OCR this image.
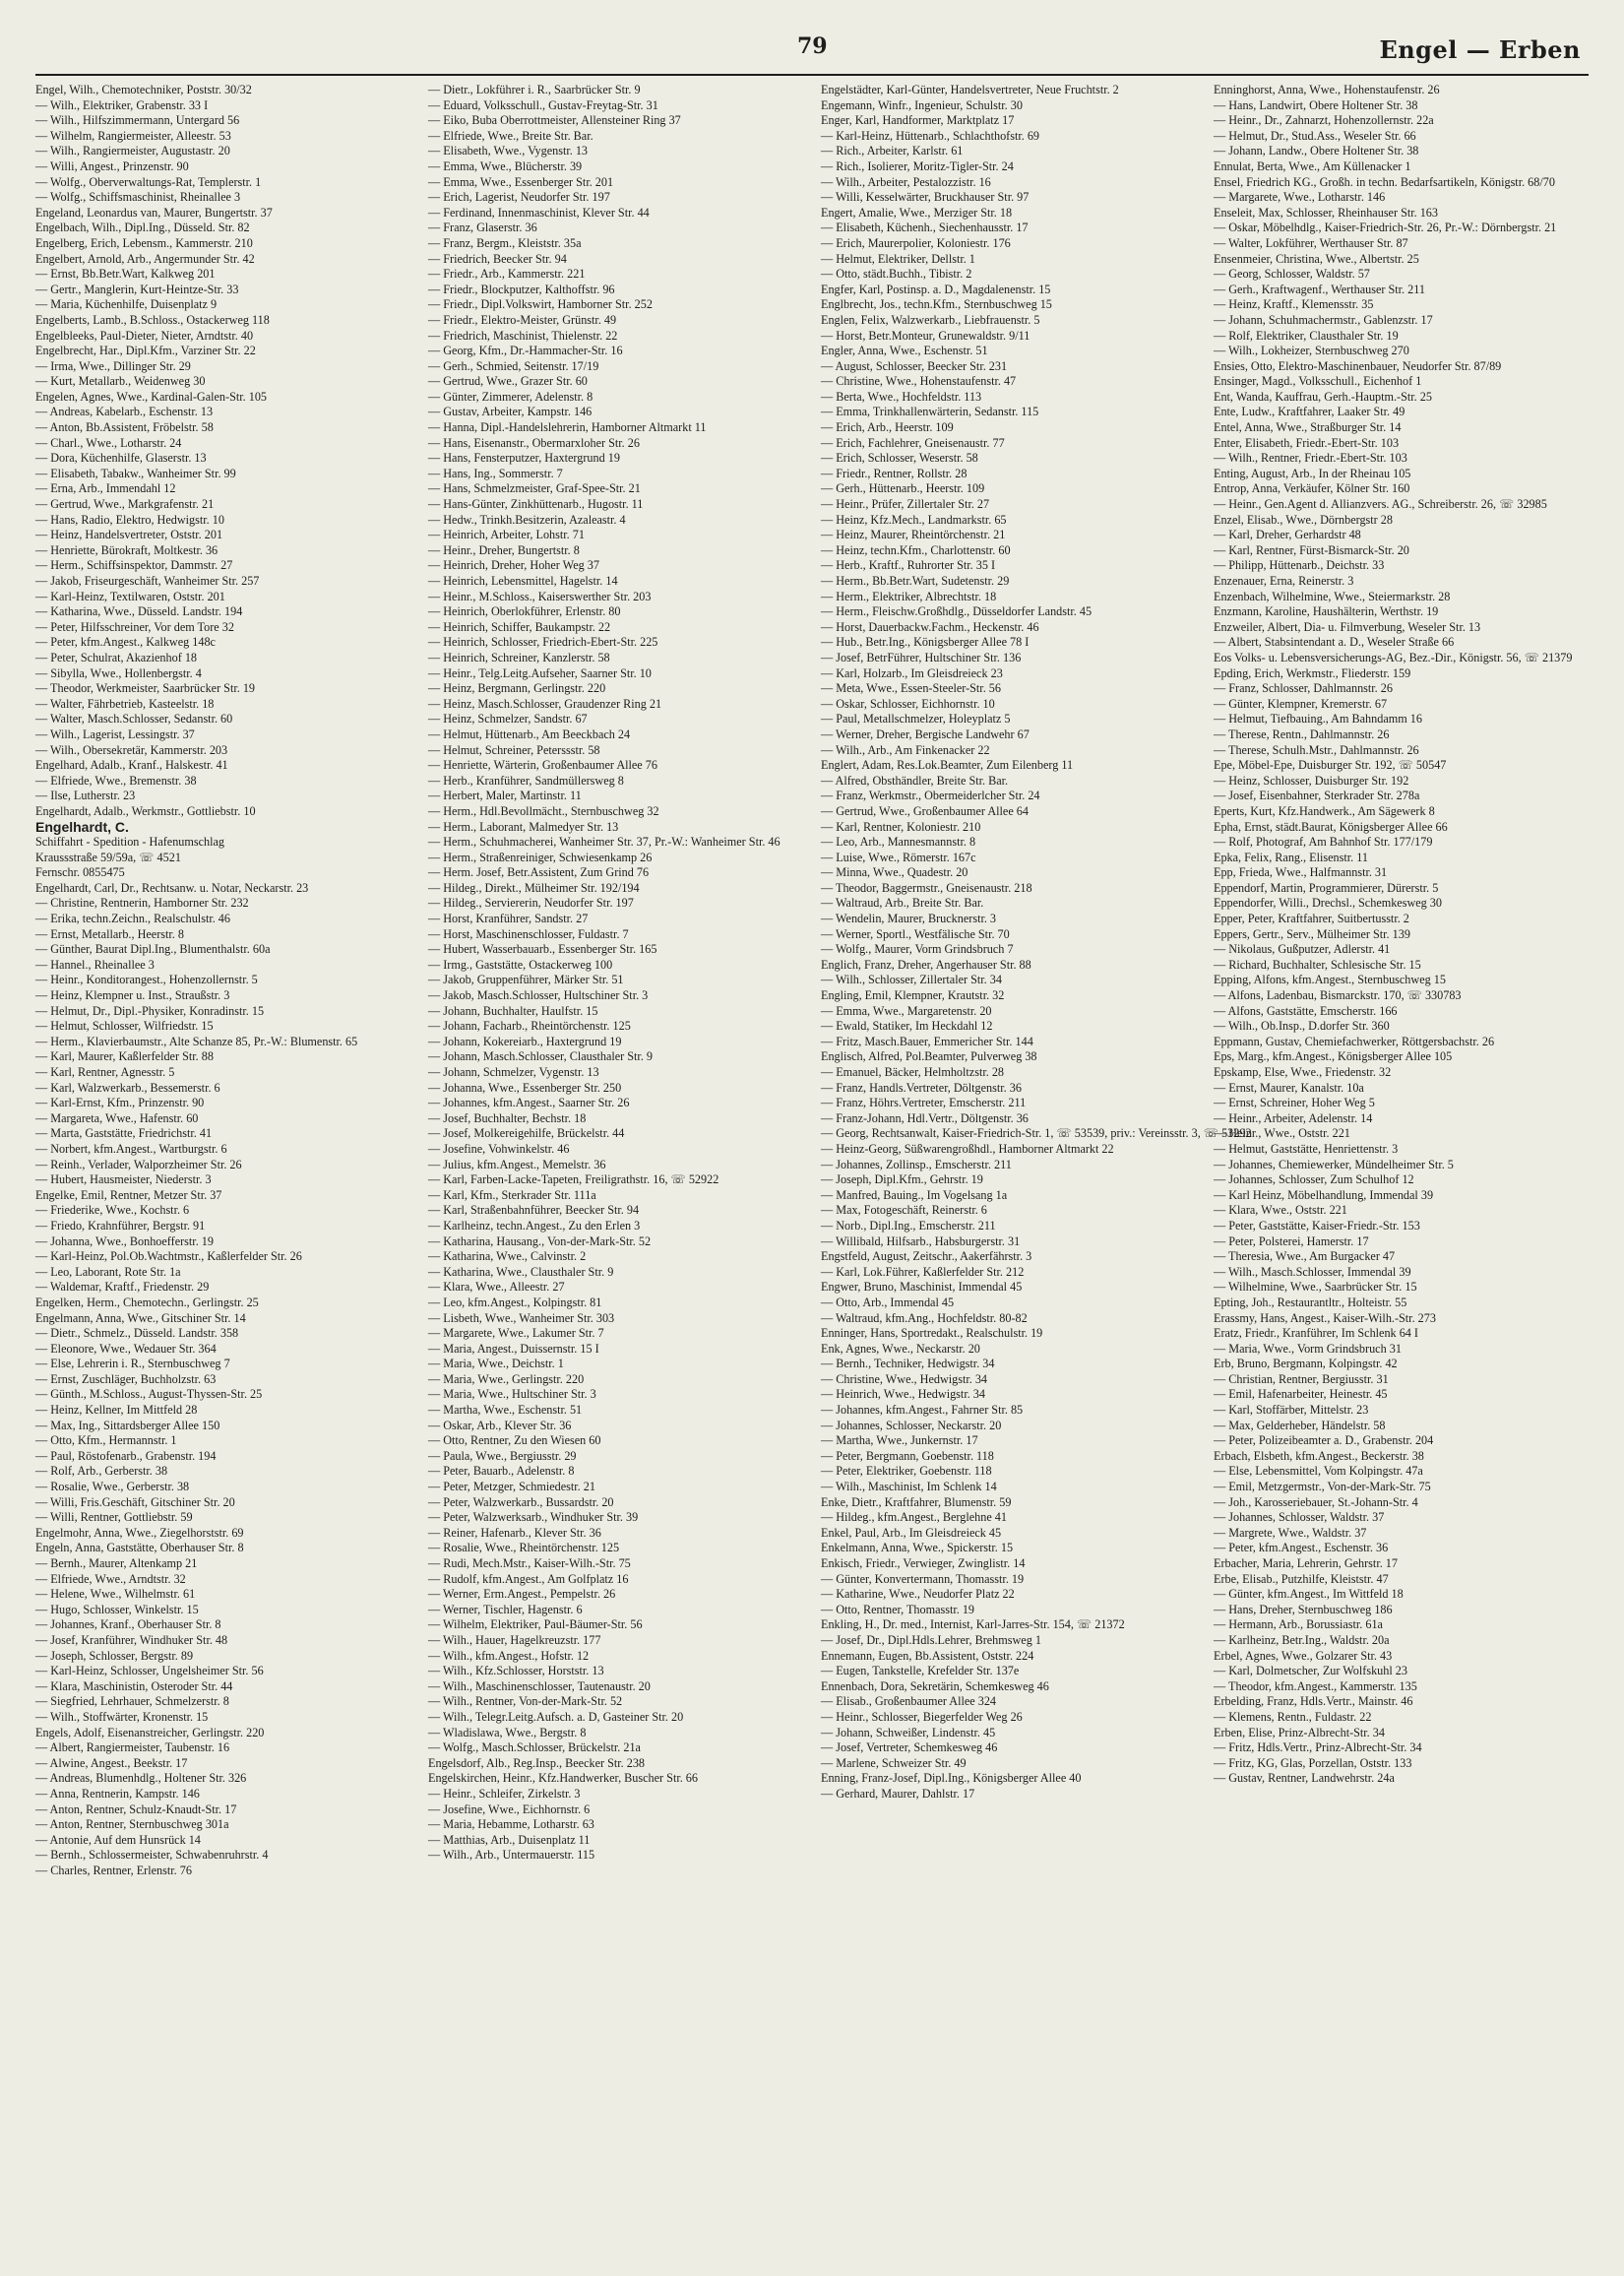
79	Engel — Erben
Engel, Wilh., Chemotechniker, Poststr. 30/32
— Wilh., Elektriker, Grabenstr. 33 I
— Wilh., Hilfszimmermann, Untergard 56
— Wilhelm, Rangiermeister, Alleestr. 53
— Wilh., Rangiermeister, Augustastr. 20
— Willi, Angest., Prinzenstr. 90
— Wolfg., Oberverwaltungs-Rat, Templerstr. 1
— Wolfg., Schiffsmaschinist, Rheinallee 3
Engeland, Leonardus van, Maurer, Bungertstr. 37
Engelbach, Wilh., Dipl.Ing., Düsseld. Str. 82
Engelberg, Erich, Lebensm., Kammerstr. 210
Engelbert, Arnold, Arb., Angermunder Str. 42
— Ernst, Bb.Betr.Wart, Kalkweg 201
— Gertr., Manglerin, Kurt-Heintze-Str. 33
— Maria, Küchenhilfe, Duisenplatz 9
Engelberts, Lamb., B.Schloss., Ostackerweg 118
Engelbleeks, Paul-Dieter, Nieter, Arndtstr. 40
Engelbrecht, Har., Dipl.Kfm., Varziner Str. 22
— Irma, Wwe., Dillinger Str. 29
— Kurt, Metallarb., Weidenweg 30
Engelen, Agnes, Wwe., Kardinal-Galen-Str. 105
— Andreas, Kabelarb., Eschenstr. 13
— Anton, Bb.Assistent, Fröbelstr. 58
— Charl., Wwe., Lotharstr. 24
— Dora, Küchenhilfe, Glaserstr. 13
— Elisabeth, Tabakw., Wanheimer Str. 99
— Erna, Arb., Immendahl 12
— Gertrud, Wwe., Markgrafenstr. 21
— Hans, Radio, Elektro, Hedwigstr. 10
— Heinz, Handelsvertreter, Oststr. 201
— Henriette, Bürokraft, Moltkestr. 36
— Herm., Schiffsinspektor, Dammstr. 27
— Jakob, Friseurgeschäft, Wanheimer Str. 257
— Karl-Heinz, Textilwaren, Oststr. 201
— Katharina, Wwe., Düsseld. Landstr. 194
— Peter, Hilfsschreiner, Vor dem Tore 32
— Peter, kfm.Angest., Kalkweg 148c
— Peter, Schulrat, Akazienhof 18
— Sibylla, Wwe., Hollenbergstr. 4
— Theodor, Werkmeister, Saarbrücker Str. 19
— Walter, Fährbetrieb, Kasteelstr. 18
— Walter, Masch.Schlosser, Sedanstr. 60
— Wilh., Lagerist, Lessingstr. 37
— Wilh., Obersekretär, Kammerstr. 203
Engelhard, Adalb., Kranf., Halskestr. 41
— Elfriede, Wwe., Bremenstr. 38
— Ilse, Lutherstr. 23
Engelhardt, Adalb., Werkmstr., Gottliebstr. 10
Engelhardt, C.
Schiffahrt - Spedition - Hafenumschlag
Kraussstraße 59/59a, ☏ 4521
Fernschr. 0855475
Engelhardt, Carl, Dr., Rechtsanw. u. Notar, Neckarstr. 23
— Christine, Rentnerin, Hamborner Str. 232
— Erika, techn.Zeichn., Realschulstr. 46
— Ernst, Metallarb., Heerstr. 8
— Günther, Baurat Dipl.Ing., Blumenthalstr. 60a
— Hannel., Rheinallee 3
— Heinr., Konditorangest., Hohenzollernstr. 5
— Heinz, Klempner u. Inst., Straußstr. 3
— Helmut, Dr., Dipl.-Physiker, Konradinstr. 15
— Helmut, Schlosser, Wilfriedstr. 15
— Herm., Klavierbaumstr., Alte Schanze 85, Pr.-W.: Blumenstr. 65
— Karl, Maurer, Kaßlerfelder Str. 88
— Karl, Rentner, Agnesstr. 5
— Karl, Walzwerkarb., Bessemerstr. 6
— Karl-Ernst, Kfm., Prinzenstr. 90
— Margareta, Wwe., Hafenstr. 60
— Marta, Gaststätte, Friedrichstr. 41
— Norbert, kfm.Angest., Wartburgstr. 6
— Reinh., Verlader, Walporzheimer Str. 26
— Hubert, Hausmeister, Niederstr. 3
Engelke, Emil, Rentner, Metzer Str. 37
— Friederike, Wwe., Kochstr. 6
— Friedo, Krahnführer, Bergstr. 91
— Johanna, Wwe., Bonhoefferstr. 19
— Karl-Heinz, Pol.Ob.Wachtmstr., Kaßlerfelder Str. 26
— Leo, Laborant, Rote Str. 1a
— Waldemar, Kraftf., Friedenstr. 29
Engelken, Herm., Chemotechn., Gerlingstr. 25
Engelmann, Anna, Wwe., Gitschiner Str. 14
— Dietr., Schmelz., Düsseld. Landstr. 358
— Eleonore, Wwe., Wedauer Str. 364
— Else, Lehrerin i. R., Sternbuschweg 7
— Ernst, Zuschläger, Buchholzstr. 63
— Günth., M.Schloss., August-Thyssen-Str. 25
— Heinz, Kellner, Im Mittfeld 28
— Max, Ing., Sittardsberger Allee 150
— Otto, Kfm., Hermannstr. 1
— Paul, Röstofenarb., Grabenstr. 194
— Rolf, Arb., Gerberstr. 38
— Rosalie, Wwe., Gerberstr. 38
— Willi, Fris.Geschäft, Gitschiner Str. 20
— Willi, Rentner, Gottliebstr. 59
Engelmohr, Anna, Wwe., Ziegelhorststr. 69
Engeln, Anna, Gaststätte, Oberhauser Str. 8
— Bernh., Maurer, Altenkamp 21
— Elfriede, Wwe., Arndtstr. 32
— Helene, Wwe., Wilhelmstr. 61
— Hugo, Schlosser, Winkelstr. 15
— Johannes, Kranf., Oberhauser Str. 8
— Josef, Kranführer, Windhuker Str. 48
— Joseph, Schlosser, Bergstr. 89
— Karl-Heinz, Schlosser, Ungelsheimer Str. 56
— Klara, Maschinistin, Osteroder Str. 44
— Siegfried, Lehrhauer, Schmelzerstr. 8
— Wilh., Stoffwärter, Kronenstr. 15
Engels, Adolf, Eisenanstreicher, Gerlingstr. 220
— Albert, Rangiermeister, Taubenstr. 16
— Alwine, Angest., Beekstr. 17
— Andreas, Blumenhdlg., Holtener Str. 326
— Anna, Rentnerin, Kampstr. 146
— Anton, Rentner, Schulz-Knaudt-Str. 17
— Anton, Rentner, Sternbuschweg 301a
— Antonie, Auf dem Hunsrück 14
— Bernh., Schlossermeister, Schwabenruhrstr. 4
— Charles, Rentner, Erlenstr. 76
— Dietr., Lokführer i. R., Saarbrücker Str. 9
— Eduard, Volksschull., Gustav-Freytag-Str. 31
— Eiko, Buba Oberrottmeister, Allensteiner Ring 37
— Elfriede, Wwe., Breite Str. Bar.
— Elisabeth, Wwe., Vygenstr. 13
— Emma, Wwe., Blücherstr. 39
— Emma, Wwe., Essenberger Str. 201
— Erich, Lagerist, Neudorfer Str. 197
— Ferdinand, Innenmaschinist, Klever Str. 44
— Franz, Glaserstr. 36
— Franz, Bergm., Kleiststr. 35a
— Friedrich, Beecker Str. 94
— Friedr., Arb., Kammerstr. 221
— Friedr., Blockputzer, Kalthoffstr. 96
— Friedr., Dipl.Volkswirt, Hamborner Str. 252
— Friedr., Elektro-Meister, Grünstr. 49
— Friedrich, Maschinist, Thielenstr. 22
— Georg, Kfm., Dr.-Hammacher-Str. 16
— Gerh., Schmied, Seitenstr. 17/19
— Gertrud, Wwe., Grazer Str. 60
— Günter, Zimmerer, Adelenstr. 8
— Gustav, Arbeiter, Kampstr. 146
— Hanna, Dipl.-Handelslehrerin, Hamborner Altmarkt 11
— Hans, Eisenanstr., Obermarxloher Str. 26
— Hans, Fensterputzer, Haxtergrund 19
— Hans, Ing., Sommerstr. 7
— Hans, Schmelzmeister, Graf-Spee-Str. 21
— Hans-Günter, Zinkhüttenarb., Hugostr. 11
— Hedw., Trinkh.Besitzerin, Azaleastr. 4
— Heinrich, Arbeiter, Lohstr. 71
— Heinr., Dreher, Bungertstr. 8
— Heinrich, Dreher, Hoher Weg 37
— Heinrich, Lebensmittel, Hagelstr. 14
— Heinr., M.Schloss., Kaiserswerther Str. 203
— Heinrich, Oberlokführer, Erlenstr. 80
— Heinrich, Schiffer, Baukampstr. 22
— Heinrich, Schlosser, Friedrich-Ebert-Str. 225
— Heinrich, Schreiner, Kanzlerstr. 58
— Heinr., Telg.Leitg.Aufseher, Saarner Str. 10
— Heinz, Bergmann, Gerlingstr. 220
— Heinz, Masch.Schlosser, Graudenzer Ring 21
— Heinz, Schmelzer, Sandstr. 67
— Helmut, Hüttenarb., Am Beeckbach 24
— Helmut, Schreiner, Peterssstr. 58
— Henriette, Wärterin, Großenbaumer Allee 76
— Herb., Kranführer, Sandmüllersweg 8
— Herbert, Maler, Martinstr. 11
— Herm., Hdl.Bevollmächt., Sternbuschweg 32
— Herm., Laborant, Malmedyer Str. 13
— Herm., Schuhmacherei, Wanheimer Str. 37, Pr.-W.: Wanheimer Str. 46
— Herm., Straßenreiniger, Schwiesenkamp 26
— Herm. Josef, Betr.Assistent, Zum Grind 76
— Hildeg., Direkt., Mülheimer Str. 192/194
— Hildeg., Serviererin, Neudorfer Str. 197
— Horst, Kranführer, Sandstr. 27
— Horst, Maschinenschlosser, Fuldastr. 7
— Hubert, Wasserbauarb., Essenberger Str. 165
— Irmg., Gaststätte, Ostackerweg 100
— Jakob, Gruppenführer, Märker Str. 51
— Jakob, Masch.Schlosser, Hultschiner Str. 3
— Johann, Buchhalter, Haulfstr. 15
— Johann, Facharb., Rheintörchenstr. 125
— Johann, Kokereiarb., Haxtergrund 19
— Johann, Masch.Schlosser, Clausthaler Str. 9
— Johann, Schmelzer, Vygenstr. 13
— Johanna, Wwe., Essenberger Str. 250
— Johannes, kfm.Angest., Saarner Str. 26
— Josef, Buchhalter, Bechstr. 18
— Josef, Molkereigehilfe, Brückelstr. 44
— Josefine, Vohwinkelstr. 46
— Julius, kfm.Angest., Memelstr. 36
— Karl, Farben-Lacke-Tapeten, Freiligrathstr. 16, ☏ 52922
— Karl, Kfm., Sterkrader Str. 111a
— Karl, Straßenbahnführer, Beecker Str. 94
— Karlheinz, techn.Angest., Zu den Erlen 3
— Katharina, Hausang., Von-der-Mark-Str. 52
— Katharina, Wwe., Calvinstr. 2
— Katharina, Wwe., Clausthaler Str. 9
— Klara, Wwe., Alleestr. 27
— Leo, kfm.Angest., Kolpingstr. 81
— Lisbeth, Wwe., Wanheimer Str. 303
— Margarete, Wwe., Lakumer Str. 7
— Maria, Angest., Duissernstr. 15 I
— Maria, Wwe., Deichstr. 1
— Maria, Wwe., Gerlingstr. 220
— Maria, Wwe., Hultschiner Str. 3
— Martha, Wwe., Eschenstr. 51
— Oskar, Arb., Klever Str. 36
— Otto, Rentner, Zu den Wiesen 60
— Paula, Wwe., Bergiusstr. 29
— Peter, Bauarb., Adelenstr. 8
— Peter, Metzger, Schmiedestr. 21
— Peter, Walzwerkarb., Bussardstr. 20
— Peter, Walzwerksarb., Windhuker Str. 39
— Reiner, Hafenarb., Klever Str. 36
— Rosalie, Wwe., Rheintörchenstr. 125
— Rudi, Mech.Mstr., Kaiser-Wilh.-Str. 75
— Rudolf, kfm.Angest., Am Golfplatz 16
— Werner, Erm.Angest., Pempelstr. 26
— Werner, Tischler, Hagenstr. 6
— Wilhelm, Elektriker, Paul-Bäumer-Str. 56
— Wilh., Hauer, Hagelkreuzstr. 177
— Wilh., kfm.Angest., Hofstr. 12
— Wilh., Kfz.Schlosser, Horststr. 13
— Wilh., Maschinenschlosser, Tautenaustr. 20
— Wilh., Rentner, Von-der-Mark-Str. 52
— Wilh., Telegr.Leitg.Aufsch. a. D, Gasteiner Str. 20
— Wladislawa, Wwe., Bergstr. 8
— Wolfg., Masch.Schlosser, Brückelstr. 21a
Engelsdorf, Alb., Reg.Insp., Beecker Str. 238
Engelskirchen, Heinr., Kfz.Handwerker, Buscher Str. 66
— Heinr., Schleifer, Zirkelstr. 3
— Josefine, Wwe., Eichhornstr. 6
— Maria, Hebamme, Lotharstr. 63
— Matthias, Arb., Duisenplatz 11
— Wilh., Arb., Untermauerstr. 115
Engelstädter, Karl-Günter, Handelsvertreter, Neue Fruchtstr. 2
Engemann, Winfr., Ingenieur, Schulstr. 30
Enger, Karl, Handformer, Marktplatz 17
— Karl-Heinz, Hüttenarb., Schlachthofstr. 69
— Rich., Arbeiter, Karlstr. 61
— Rich., Isolierer, Moritz-Tigler-Str. 24
— Wilh., Arbeiter, Pestalozzistr. 16
— Willi, Kesselwärter, Bruckhauser Str. 97
Engert, Amalie, Wwe., Merziger Str. 18
— Elisabeth, Küchenh., Siechenhausstr. 17
— Erich, Maurerpolier, Koloniestr. 176
— Helmut, Elektriker, Dellstr. 1
— Otto, städt.Buchh., Tibistr. 2
Engfer, Karl, Postinsp. a. D., Magdalenenstr. 15
Englbrecht, Jos., techn.Kfm., Sternbuschweg 15
Englen, Felix, Walzwerkarb., Liebfrauenstr. 5
— Horst, Betr.Monteur, Grunewaldstr. 9/11
Engler, Anna, Wwe., Eschenstr. 51
— August, Schlosser, Beecker Str. 231
— Christine, Wwe., Hohenstaufenstr. 47
— Berta, Wwe., Hochfeldstr. 113
— Emma, Trinkhallenwärterin, Sedanstr. 115
— Erich, Arb., Heerstr. 109
— Erich, Fachlehrer, Gneisenaustr. 77
— Erich, Schlosser, Weserstr. 58
— Friedr., Rentner, Rollstr. 28
— Gerh., Hüttenarb., Heerstr. 109
— Heinr., Prüfer, Zillertaler Str. 27
— Heinz, Kfz.Mech., Landmarkstr. 65
— Heinz, Maurer, Rheintörchenstr. 21
— Heinz, techn.Kfm., Charlottenstr. 60
— Herb., Kraftf., Ruhrorter Str. 35 I
— Herm., Bb.Betr.Wart, Sudetenstr. 29
— Herm., Elektriker, Albrechtstr. 18
— Herm., Fleischw.Großhdlg., Düsseldorfer Landstr. 45
— Horst, Dauerbackw.Fachm., Heckenstr. 46
— Hub., Betr.Ing., Königsberger Allee 78 I
— Josef, BetrFührer, Hultschiner Str. 136
— Karl, Holzarb., Im Gleisdreieck 23
— Meta, Wwe., Essen-Steeler-Str. 56
— Oskar, Schlosser, Eichhornstr. 10
— Paul, Metallschmelzer, Holeyplatz 5
— Werner, Dreher, Bergische Landwehr 67
— Wilh., Arb., Am Finkenacker 22
Englert, Adam, Res.Lok.Beamter, Zum Eilenberg 11
— Alfred, Obsthändler, Breite Str. Bar.
— Franz, Werkmstr., Obermeiderlcher Str. 24
— Gertrud, Wwe., Großenbaumer Allee 64
— Karl, Rentner, Koloniestr. 210
— Leo, Arb., Mannesmannstr. 8
— Luise, Wwe., Römerstr. 167c
— Minna, Wwe., Quadestr. 20
— Theodor, Baggermstr., Gneisenaustr. 218
— Waltraud, Arb., Breite Str. Bar.
— Wendelin, Maurer, Brucknerstr. 3
— Werner, Sportl., Westfälische Str. 70
— Wolfg., Maurer, Vorm Grindsbruch 7
Englich, Franz, Dreher, Angerhauser Str. 88
— Wilh., Schlosser, Zillertaler Str. 34
Engling, Emil, Klempner, Krautstr. 32
— Emma, Wwe., Margaretenstr. 20
— Ewald, Statiker, Im Heckdahl 12
— Fritz, Masch.Bauer, Emmericher Str. 144
Englisch, Alfred, Pol.Beamter, Pulverweg 38
— Emanuel, Bäcker, Helmholtzstr. 28
— Franz, Handls.Vertreter, Döltgenstr. 36
— Franz, Höhrs.Vertreter, Emscherstr. 211
— Franz-Johann, Hdl.Vertr., Döltgenstr. 36
— Georg, Rechtsanwalt, Kaiser-Friedrich-Str. 1, ☏ 53539, priv.: Vereinsstr. 3, ☏ 53292
— Heinz-Georg, Süßwarengroßhdl., Hamborner Altmarkt 22
— Johannes, Zollinsp., Emscherstr. 211
— Joseph, Dipl.Kfm., Gehrstr. 19
— Manfred, Bauing., Im Vogelsang 1a
— Max, Fotogeschäft, Reinerstr. 6
— Norb., Dipl.Ing., Emscherstr. 211
— Willibald, Hilfsarb., Habsburgerstr. 31
Engstfeld, August, Zeitschr., Aakerfährstr. 3
— Karl, Lok.Führer, Kaßlerfelder Str. 212
Engwer, Bruno, Maschinist, Immendal 45
— Otto, Arb., Immendal 45
— Waltraud, kfm.Ang., Hochfeldstr. 80-82
Enninger, Hans, Sportredakt., Realschulstr. 19
Enk, Agnes, Wwe., Neckarstr. 20
— Bernh., Techniker, Hedwigstr. 34
— Christine, Wwe., Hedwigstr. 34
— Heinrich, Wwe., Hedwigstr. 34
— Johannes, kfm.Angest., Fahrner Str. 85
— Johannes, Schlosser, Neckarstr. 20
— Martha, Wwe., Junkernstr. 17
— Peter, Bergmann, Goebenstr. 118
— Peter, Elektriker, Goebenstr. 118
— Wilh., Maschinist, Im Schlenk 14
Enke, Dietr., Kraftfahrer, Blumenstr. 59
— Hildeg., kfm.Angest., Berglehne 41
Enkel, Paul, Arb., Im Gleisdreieck 45
Enkelmann, Anna, Wwe., Spickerstr. 15
Enkisch, Friedr., Verwieger, Zwinglistr. 14
— Günter, Konvertermann, Thomasstr. 19
— Katharine, Wwe., Neudorfer Platz 22
— Otto, Rentner, Thomasstr. 19
Enkling, H., Dr. med., Internist, Karl-Jarres-Str. 154, ☏ 21372
— Josef, Dr., Dipl.Hdls.Lehrer, Brehmsweg 1
Ennemann, Eugen, Bb.Assistent, Oststr. 224
— Eugen, Tankstelle, Krefelder Str. 137e
Ennenbach, Dora, Sekretärin, Schemkesweg 46
— Elisab., Großenbaumer Allee 324
— Heinr., Schlosser, Biegerfelder Weg 26
— Johann, Schweißer, Lindenstr. 45
— Josef, Vertreter, Schemkesweg 46
— Marlene, Schweizer Str. 49
Enning, Franz-Josef, Dipl.Ing., Königsberger Allee 40
— Gerhard, Maurer, Dahlstr. 17
Enninghorst, Anna, Wwe., Hohenstaufenstr. 26
— Hans, Landwirt, Obere Holtener Str. 38
— Heinr., Dr., Zahnarzt, Hohenzollernstr. 22a
— Helmut, Dr., Stud.Ass., Weseler Str. 66
— Johann, Landw., Obere Holtener Str. 38
Ennulat, Berta, Wwe., Am Küllenacker 1
Ensel, Friedrich KG., Großh. in techn. Bedarfsartikeln, Königstr. 68/70
— Margarete, Wwe., Lotharstr. 146
Enseleit, Max, Schlosser, Rheinhauser Str. 163
— Oskar, Möbelhdlg., Kaiser-Friedrich-Str. 26, Pr.-W.: Dörnbergstr. 21
— Walter, Lokführer, Werthauser Str. 87
Ensenmeier, Christina, Wwe., Albertstr. 25
— Georg, Schlosser, Waldstr. 57
— Gerh., Kraftwagenf., Werthauser Str. 211
— Heinz, Kraftf., Klemensstr. 35
— Johann, Schuhmachermstr., Gablenzstr. 17
— Rolf, Elektriker, Clausthaler Str. 19
— Wilh., Lokheizer, Sternbuschweg 270
Ensies, Otto, Elektro-Maschinenbauer, Neudorfer Str. 87/89
Ensinger, Magd., Volksschull., Eichenhof 1
Ent, Wanda, Kauffrau, Gerh.-Hauptm.-Str. 25
Ente, Ludw., Kraftfahrer, Laaker Str. 49
Entel, Anna, Wwe., Straßburger Str. 14
Enter, Elisabeth, Friedr.-Ebert-Str. 103
— Wilh., Rentner, Friedr.-Ebert-Str. 103
Enting, August, Arb., In der Rheinau 105
Entrop, Anna, Verkäufer, Kölner Str. 160
— Heinr., Gen.Agent d. Allianzvers. AG., Schreiberstr. 26, ☏ 32985
Enzel, Elisab., Wwe., Dörnbergstr 28
— Karl, Dreher, Gerhardstr 48
— Karl, Rentner, Fürst-Bismarck-Str. 20
— Philipp, Hüttenarb., Deichstr. 33
Enzenauer, Erna, Reinerstr. 3
Enzenbach, Wilhelmine, Wwe., Steiermarkstr. 28
Enzmann, Karoline, Haushälterin, Werthstr. 19
Enzweiler, Albert, Dia- u. Filmverbung, Weseler Str. 13
— Albert, Stabsintendant a. D., Weseler Straße 66
Eos Volks- u. Lebensversicherungs-AG, Bez.-Dir., Königstr. 56, ☏ 21379
Epding, Erich, Werkmstr., Fliederstr. 159
— Franz, Schlosser, Dahlmannstr. 26
— Günter, Klempner, Kremerstr. 67
— Helmut, Tiefbauing., Am Bahndamm 16
— Therese, Rentn., Dahlmannstr. 26
— Therese, Schulh.Mstr., Dahlmannstr. 26
Epe, Möbel-Epe, Duisburger Str. 192, ☏ 50547
— Heinz, Schlosser, Duisburger Str. 192
— Josef, Eisenbahner, Sterkrader Str. 278a
Eperts, Kurt, Kfz.Handwerk., Am Sägewerk 8
Epha, Ernst, städt.Baurat, Königsberger Allee 66
— Rolf, Photograf, Am Bahnhof Str. 177/179
Epka, Felix, Rang., Elisenstr. 11
Epp, Frieda, Wwe., Halfmannstr. 31
Eppendorf, Martin, Programmierer, Dürerstr. 5
Eppendorfer, Willi., Drechsl., Schemkesweg 30
Epper, Peter, Kraftfahrer, Suitbertusstr. 2
Eppers, Gertr., Serv., Mülheimer Str. 139
— Nikolaus, Gußputzer, Adlerstr. 41
— Richard, Buchhalter, Schlesische Str. 15
Epping, Alfons, kfm.Angest., Sternbuschweg 15
— Alfons, Ladenbau, Bismarckstr. 170, ☏ 330783
— Alfons, Gaststätte, Emscherstr. 166
— Wilh., Ob.Insp., D.dorfer Str. 360
Eppmann, Gustav, Chemiefachwerker, Röttgersbachstr. 26
Eps, Marg., kfm.Angest., Königsberger Allee 105
Epskamp, Else, Wwe., Friedenstr. 32
— Ernst, Maurer, Kanalstr. 10a
— Ernst, Schreiner, Hoher Weg 5
— Heinr., Arbeiter, Adelenstr. 14
— Heinr., Wwe., Oststr. 221
— Helmut, Gaststätte, Henriettenstr. 3
— Johannes, Chemiewerker, Mündelheimer Str. 5
— Johannes, Schlosser, Zum Schulhof 12
— Karl Heinz, Möbelhandlung, Immendal 39
— Klara, Wwe., Oststr. 221
— Peter, Gaststätte, Kaiser-Friedr.-Str. 153
— Peter, Polsterei, Hamerstr. 17
— Theresia, Wwe., Am Burgacker 47
— Wilh., Masch.Schlosser, Immendal 39
— Wilhelmine, Wwe., Saarbrücker Str. 15
Epting, Joh., Restaurantltr., Holteistr. 55
Erassmy, Hans, Angest., Kaiser-Wilh.-Str. 273
Eratz, Friedr., Kranführer, Im Schlenk 64 I
— Maria, Wwe., Vorm Grindsbruch 31
Erb, Bruno, Bergmann, Kolpingstr. 42
— Christian, Rentner, Bergiusstr. 31
— Emil, Hafenarbeiter, Heinestr. 45
— Karl, Stoffärber, Mittelstr. 23
— Max, Gelderheber, Händelstr. 58
— Peter, Polizeibeamter a. D., Grabenstr. 204
Erbach, Elsbeth, kfm.Angest., Beckerstr. 38
— Else, Lebensmittel, Vom Kolpingstr. 47a
— Emil, Metzgermstr., Von-der-Mark-Str. 75
— Joh., Karosseriebauer, St.-Johann-Str. 4
— Johannes, Schlosser, Waldstr. 37
— Margrete, Wwe., Waldstr. 37
— Peter, kfm.Angest., Eschenstr. 36
Erbacher, Maria, Lehrerin, Gehrstr. 17
Erbe, Elisab., Putzhilfe, Kleiststr. 47
— Günter, kfm.Angest., Im Wittfeld 18
— Hans, Dreher, Sternbuschweg 186
— Hermann, Arb., Borussiastr. 61a
— Karlheinz, Betr.Ing., Waldstr. 20a
Erbel, Agnes, Wwe., Golzarer Str. 43
— Karl, Dolmetscher, Zur Wolfskuhl 23
— Theodor, kfm.Angest., Kammerstr. 135
Erbelding, Franz, Hdls.Vertr., Mainstr. 46
— Klemens, Rentn., Fuldastr. 22
Erben, Elise, Prinz-Albrecht-Str. 34
— Fritz, Hdls.Vertr., Prinz-Albrecht-Str. 34
— Fritz, KG, Glas, Porzellan, Oststr. 133
— Gustav, Rentner, Landwehrstr. 24a
